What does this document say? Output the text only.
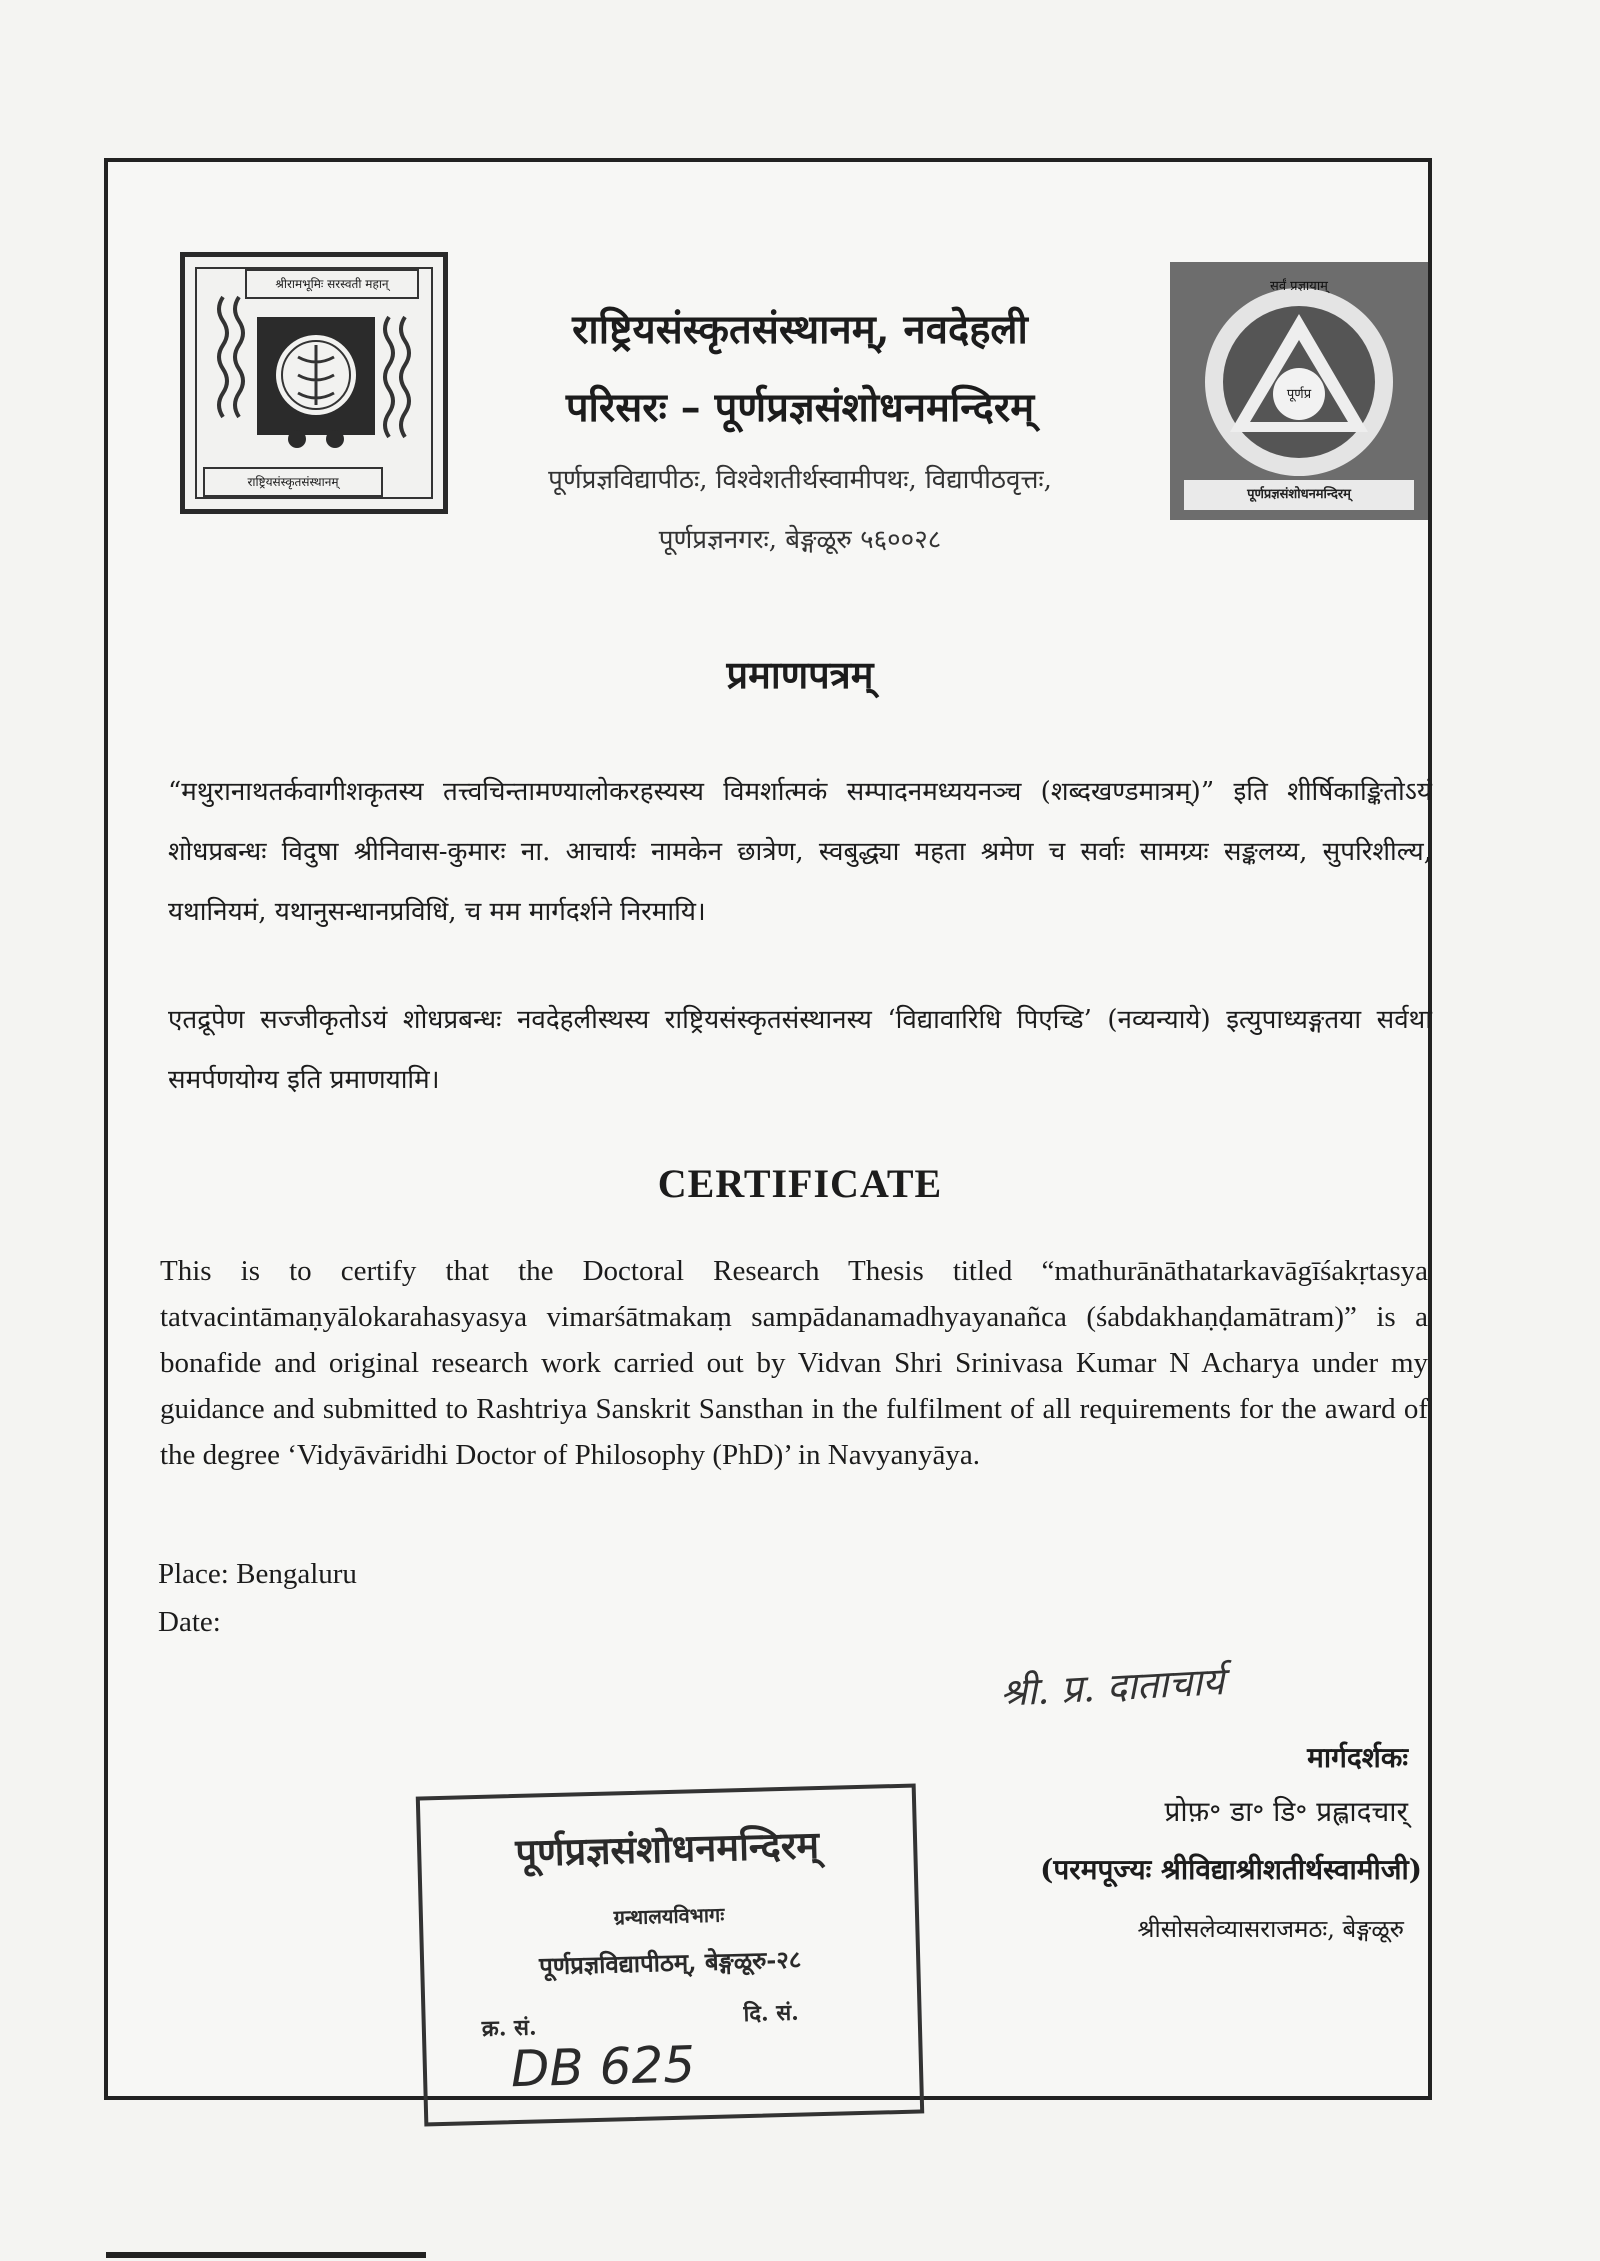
श्रीरामभूमिः सरस्वती महान्
राष्ट्रियसंस्कृतसंस्थानम्
राष्ट्रियसंस्कृतसंस्थानम्, नवदेहली
परिसरः – पूर्णप्रज्ञसंशोधनमन्दिरम्
पूर्णप्रज्ञविद्यापीठः, विश्वेशतीर्थस्वामीपथः, विद्यापीठवृत्तः,
पूर्णप्रज्ञनगरः, बेङ्गळूरु ५६००२८
सर्वं प्रज्ञायाम्
पूर्णप्र
पूर्णप्रज्ञसंशोधनमन्दिरम्
प्रमाणपत्रम्
“मथुरानाथतर्कवागीशकृतस्य तत्त्वचिन्तामण्यालोकरहस्यस्य विमर्शात्मकं सम्पादनमध्ययनञ्च (शब्दखण्डमात्रम्)” इति शीर्षिकाङ्कितोऽयं शोधप्रबन्धः विदुषा श्रीनिवास-कुमारः ना. आचार्यः नामकेन छात्रेण, स्वबुद्ध्या महता श्रमेण च सर्वाः सामग्र्यः सङ्कलय्य, सुपरिशील्य, यथानियमं, यथानुसन्धानप्रविधिं, च मम मार्गदर्शने निरमायि।
एतद्रूपेण सज्जीकृतोऽयं शोधप्रबन्धः नवदेहलीस्थस्य राष्ट्रियसंस्कृतसंस्थानस्य ‘विद्यावारिधि पिएच्डि’ (नव्यन्याये) इत्युपाध्यङ्गतया सर्वथा समर्पणयोग्य इति प्रमाणयामि।
CERTIFICATE
This is to certify that the Doctoral Research Thesis titled “mathurānāthatarkavāgīśakṛtasya tatvacintāmaṇyālokarahasyasya vimarśātmakaṃ sampādanamadhyayanañca (śabdakhaṇḍamātram)” is a bonafide and original research work carried out by Vidvan Shri Srinivasa Kumar N Acharya under my guidance and submitted to Rashtriya Sanskrit Sansthan in the fulfilment of all requirements for the award of the degree ‘Vidyāvāridhi Doctor of Philosophy (PhD)’ in Navyanyāya.
Place: Bengaluru
Date:
श्री. प्र. दाताचार्य
मार्गदर्शकः
प्रोफ़॰ डा॰ डि॰ प्रह्लादचार्
(परमपूज्यः श्रीविद्याश्रीशतीर्थस्वामीजी)
श्रीसोसलेव्यासराजमठः, बेङ्गळूरु
पूर्णप्रज्ञसंशोधनमन्दिरम्
ग्रन्थालयविभागः
पूर्णप्रज्ञविद्यापीठम्, बेङ्गळूरु-२८
क्र. सं.
दि. सं.
DB 625
